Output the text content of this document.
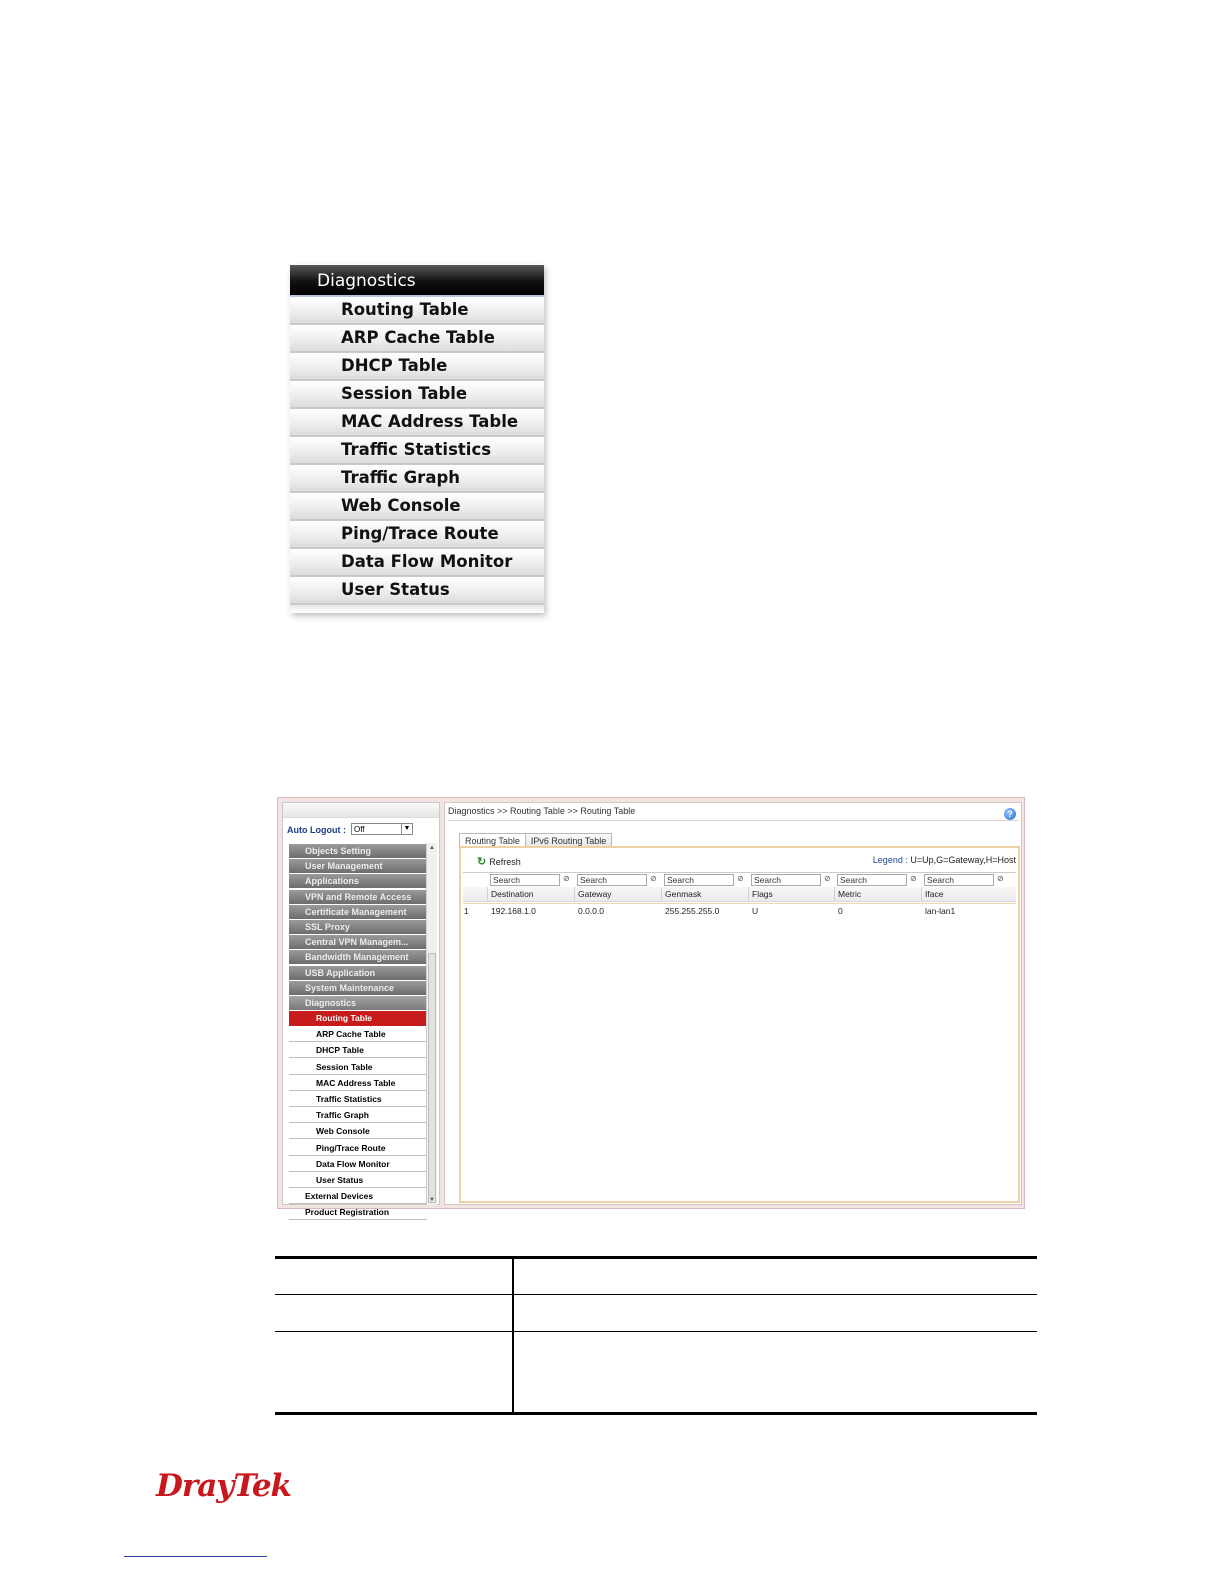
Diagnostics
Routing Table
ARP Cache Table
DHCP Table
Session Table
MAC Address Table
Traffic Statistics
Traffic Graph
Web Console
Ping/Trace Route
Data Flow Monitor
User Status
Auto Logout :	Off	▼
Objects Setting
User Management
Applications
VPN and Remote Access
Certificate Management
SSL Proxy
Central VPN Managem...
Bandwidth Management
USB Application
System Maintenance
Diagnostics
Routing Table
ARP Cache Table
DHCP Table
Session Table
MAC Address Table
Traffic Statistics
Traffic Graph
Web Console
Ping/Trace Route
Data Flow Monitor
User Status
External Devices
Product Registration
▲
▼
Diagnostics >> Routing Table >> Routing Table	?
Routing Table IPv6 Routing Table
↻ Refresh	Legend : U=Up,G=Gateway,H=Host
Search	⊘	Search	⊘	Search	⊘	Search	⊘	Search	⊘	Search	⊘
Destination	Gateway	Genmask	Flags	Metric	Iface
1	192.168.1.0	0.0.0.0	255.255.255.0	U	0	lan-lan1
DrayTek
